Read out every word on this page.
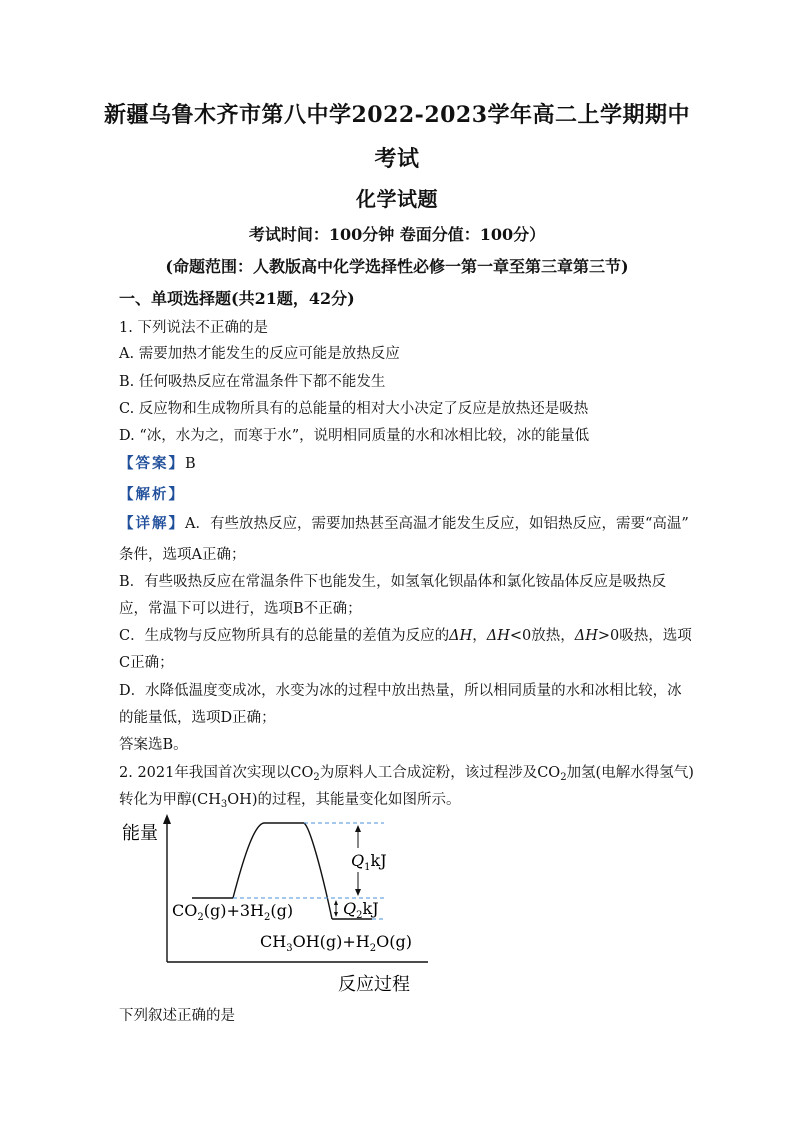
新疆乌鲁木齐市第八中学2022-2023学年高二上学期期中
考试
化学试题
考试时间：100分钟 卷面分值：100分）
(命题范围：人教版高中化学选择性必修一第一章至第三章第三节)
一、单项选择题(共21题，42分)
1. 下列说法不正确的是
A. 需要加热才能发生的反应可能是放热反应
B. 任何吸热反应在常温条件下都不能发生
C. 反应物和生成物所具有的总能量的相对大小决定了反应是放热还是吸热
D. “冰，水为之，而寒于水”，说明相同质量的水和冰相比较，冰的能量低
【答案】B
【解析】
【详解】A．有些放热反应，需要加热甚至高温才能发生反应，如铝热反应，需要“高温”
条件，选项A正确；
B．有些吸热反应在常温条件下也能发生，如氢氧化钡晶体和氯化铵晶体反应是吸热反
应，常温下可以进行，选项B不正确；
C．生成物与反应物所具有的总能量的差值为反应的ΔH，ΔH<0放热，ΔH>0吸热，选项
C正确；
D．水降低温度变成冰，水变为冰的过程中放出热量，所以相同质量的水和冰相比较，冰
的能量低，选项D正确；
答案选B。
2. 2021年我国首次实现以$CO_2$为原料人工合成淀粉，该过程涉及$CO_2$加氢(电解水得氢气)
转化为甲醇$(CH_3OH)$的过程，其能量变化如图所示。
能量
$Q_1kJ$
$Q_2kJ$
$CO_2(g)+3H_2(g)$
$CH_3OH(g)+H_2O(g)$
反应过程
下列叙述正确的是
